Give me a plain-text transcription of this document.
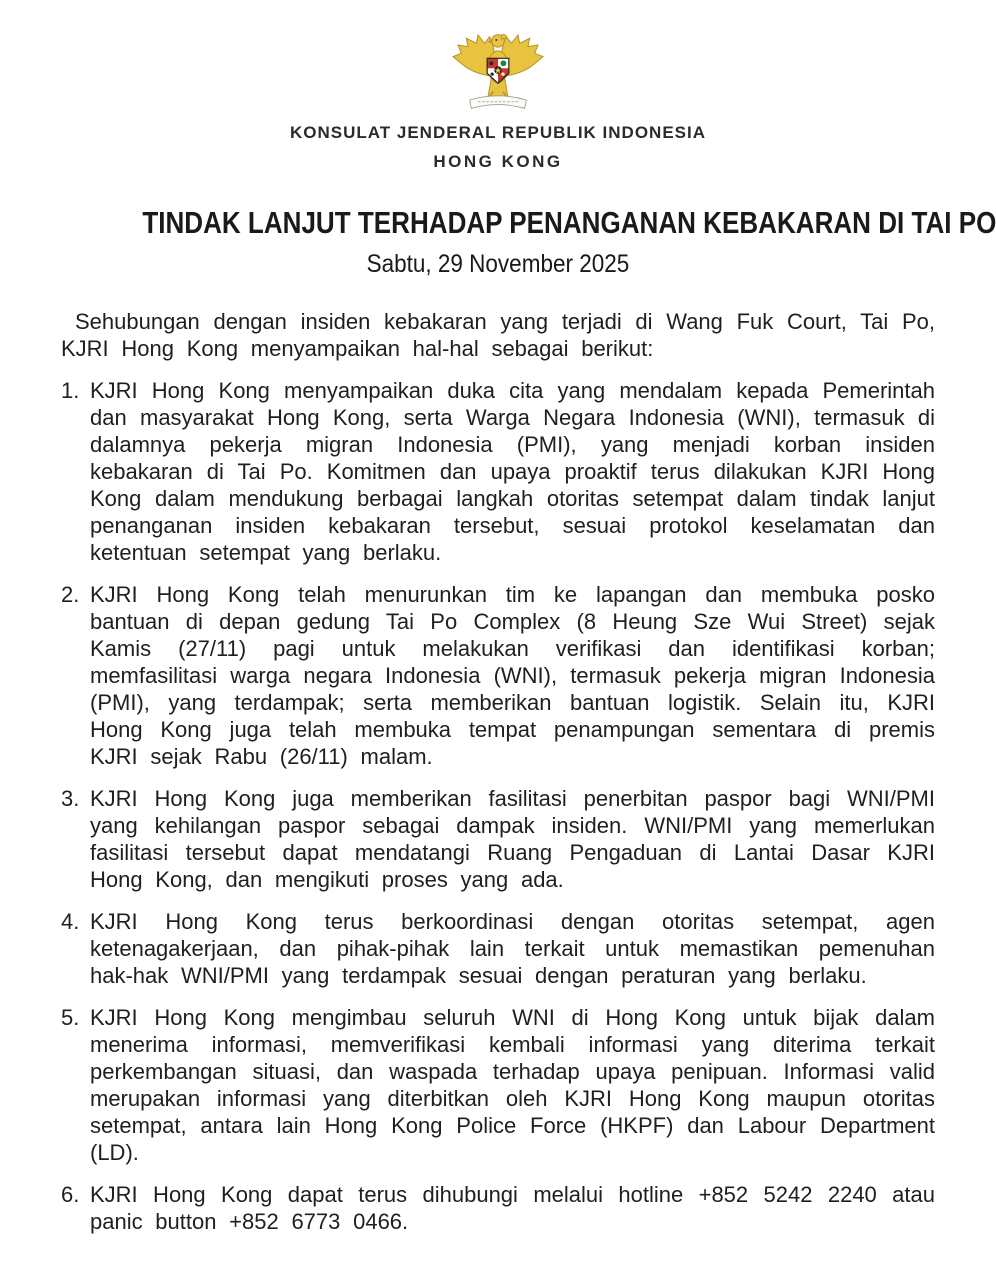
KONSULAT JENDERAL REPUBLIK INDONESIA
HONG KONG
TINDAK LANJUT TERHADAP PENANGANAN KEBAKARAN DI TAI PO
Sabtu, 29 November 2025
Sehubungan dengan insiden kebakaran yang terjadi di Wang Fuk Court, Tai Po, KJRI Hong Kong menyampaikan hal-hal sebagai berikut:
1. KJRI Hong Kong menyampaikan duka cita yang mendalam kepada Pemerintah dan masyarakat Hong Kong, serta Warga Negara Indonesia (WNI), termasuk di dalamnya pekerja migran Indonesia (PMI), yang menjadi korban insiden kebakaran di Tai Po. Komitmen dan upaya proaktif terus dilakukan KJRI Hong Kong dalam mendukung berbagai langkah otoritas setempat dalam tindak lanjut penanganan insiden kebakaran tersebut, sesuai protokol keselamatan dan ketentuan setempat yang berlaku.
2. KJRI Hong Kong telah menurunkan tim ke lapangan dan membuka posko bantuan di depan gedung Tai Po Complex (8 Heung Sze Wui Street) sejak Kamis (27/11) pagi untuk melakukan verifikasi dan identifikasi korban; memfasilitasi warga negara Indonesia (WNI), termasuk pekerja migran Indonesia (PMI), yang terdampak; serta memberikan bantuan logistik. Selain itu, KJRI Hong Kong juga telah membuka tempat penampungan sementara di premis KJRI sejak Rabu (26/11) malam.
3. KJRI Hong Kong juga memberikan fasilitasi penerbitan paspor bagi WNI/PMI yang kehilangan paspor sebagai dampak insiden. WNI/PMI yang memerlukan fasilitasi tersebut dapat mendatangi Ruang Pengaduan di Lantai Dasar KJRI Hong Kong, dan mengikuti proses yang ada.
4. KJRI Hong Kong terus berkoordinasi dengan otoritas setempat, agen ketenagakerjaan, dan pihak-pihak lain terkait untuk memastikan pemenuhan hak-hak WNI/PMI yang terdampak sesuai dengan peraturan yang berlaku.
5. KJRI Hong Kong mengimbau seluruh WNI di Hong Kong untuk bijak dalam menerima informasi, memverifikasi kembali informasi yang diterima terkait perkembangan situasi, dan waspada terhadap upaya penipuan. Informasi valid merupakan informasi yang diterbitkan oleh KJRI Hong Kong maupun otoritas setempat, antara lain Hong Kong Police Force (HKPF) dan Labour Department (LD).
6. KJRI Hong Kong dapat terus dihubungi melalui hotline +852 5242 2240 atau panic button +852 6773 0466.
